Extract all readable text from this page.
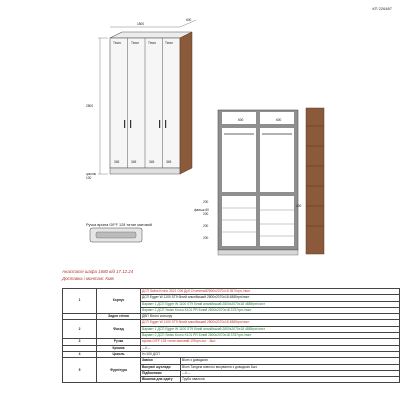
КП 226487
1800
600
2800
цоколь
100
Тіпон	Тіпон	Тіпон	Тіпон
345	345	345	345
фальш 60
200
200
200
200
400
600	600
Ручка врізна GIFF 128 титан матовий
Анастасія шафа 1680 від 17.12.24
Доставка і монтаж: Київ
1	Корпус	ДСП Swiss Krono 3021 OW Дуб Столетний2800х2070х18 3570грн./лист	
		ДСП Egger W 1100 ST9 білий альпійський 2800х2070х18 4885грн/лист	
		Варіант 1 ДСП Egger W 1100 ST9 білий альпійський 2800х2070х18 4885грн/лист	
		Варіант 2 ДСП Swiss Krono K101 PR Білий 2800х2070х18 3757грн./лист	
	Задня стінка	ДВП білого кольору	
2	Фасад	ДСП Egger W 1100 ST9 білий альпійський 2800х2070х18 4885грн/лист	
		Варіант 1 ДСП Egger W 1100 ST9 білий альпійський 2800х2070х18 4885грн/лист	
		Варіант 2 ДСП Swiss Krono K101 PR Білий 2800х2070х18 3757грн./лист	
3	Ручка	врізна GIFF 128 титан матовий 195грн./шт - 8шт.	
	Кромка	---//---	
4	Цоколь	H=100 ДСП	
5	Фурнітура	Завіси	Blum з доводкою
		Висувні шухляди	Blum Тандем повного висування з доводкою 6шт.
		Підйомники	---//---
		Вішалка для одягу	Труба овальна
